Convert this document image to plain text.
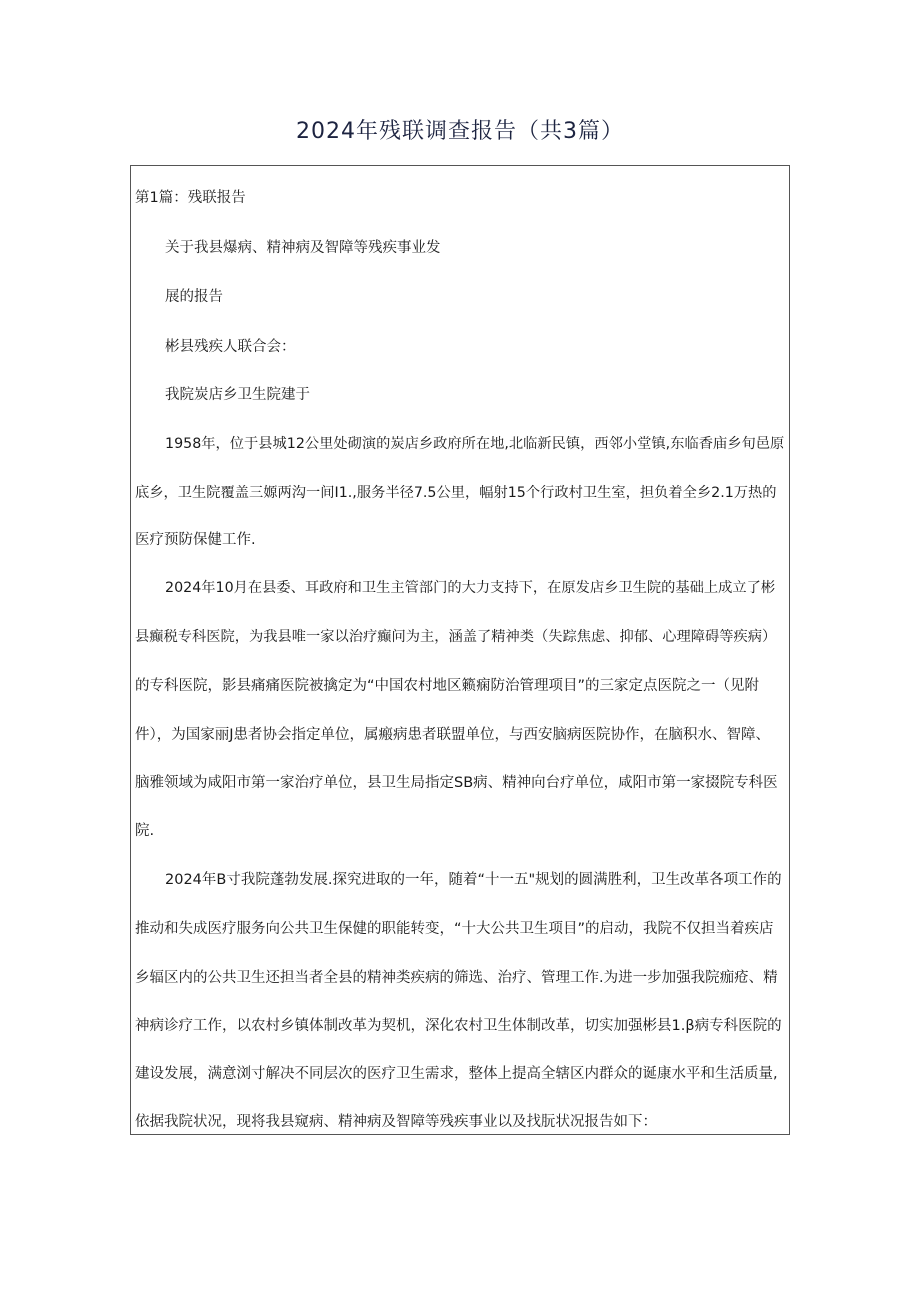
2024年残联调查报告（共3篇）
第1篇：残联报告
关于我县爆病、精神病及智障等残疾事业发
展的报告
彬县残疾人联合会：
我院炭店乡卫生院建于
1958年，位于县城12公里处砌演的炭店乡政府所在地,北临新民镇，西邻小堂镇,东临香庙乡旬邑原
底乡，卫生院覆盖三嫄两沟一间I1.,服务半径7.5公里，幅射15个行政村卫生室，担负着全乡2.1万热的
医疗预防保健工作.
2024年10月在县委、耳政府和卫生主管部门的大力支持下，在原发店乡卫生院的基础上成立了彬
县癫税专科医院，为我县唯一家以治疗癫问为主，涵盖了精神类（失踪焦虑、抑郁、心理障碍等疾病）
的专科医院，影县痛痛医院被擒定为“中国农村地区籁痫防治管理项目”的三家定点医院之一（见附
件），为国家丽J患者协会指定单位，属瘢病患者联盟单位，与西安脑病医院协作，在脑积水、智障、
脑雅领域为咸阳市第一家治疗单位，县卫生局指定SB病、精神向台疗单位，咸阳市第一家掇院专科医
院.
2024年B寸我院蓬勃发展.探究进取的一年，随着“十一五"规划的圆满胜利，卫生改革各项工作的
推动和失成医疗服务向公共卫生保健的职能转变，“十大公共卫生项目”的启动，我院不仅担当着疾店
乡辐区内的公共卫生还担当者全县的精神类疾病的筛选、治疗、管理工作.为进一步加强我院痂疮、精
神病诊疗工作，以农村乡镇体制改革为契机，深化农村卫生体制改革，切实加强彬县1.β病专科医院的
建设发展，满意浏寸解决不同层次的医疗卫生需求，整体上提高全辖区内群众的诞康水平和生活质量,
依据我院状况，现将我县窥病、精神病及智障等残疾事业以及找朊状况报告如下：
